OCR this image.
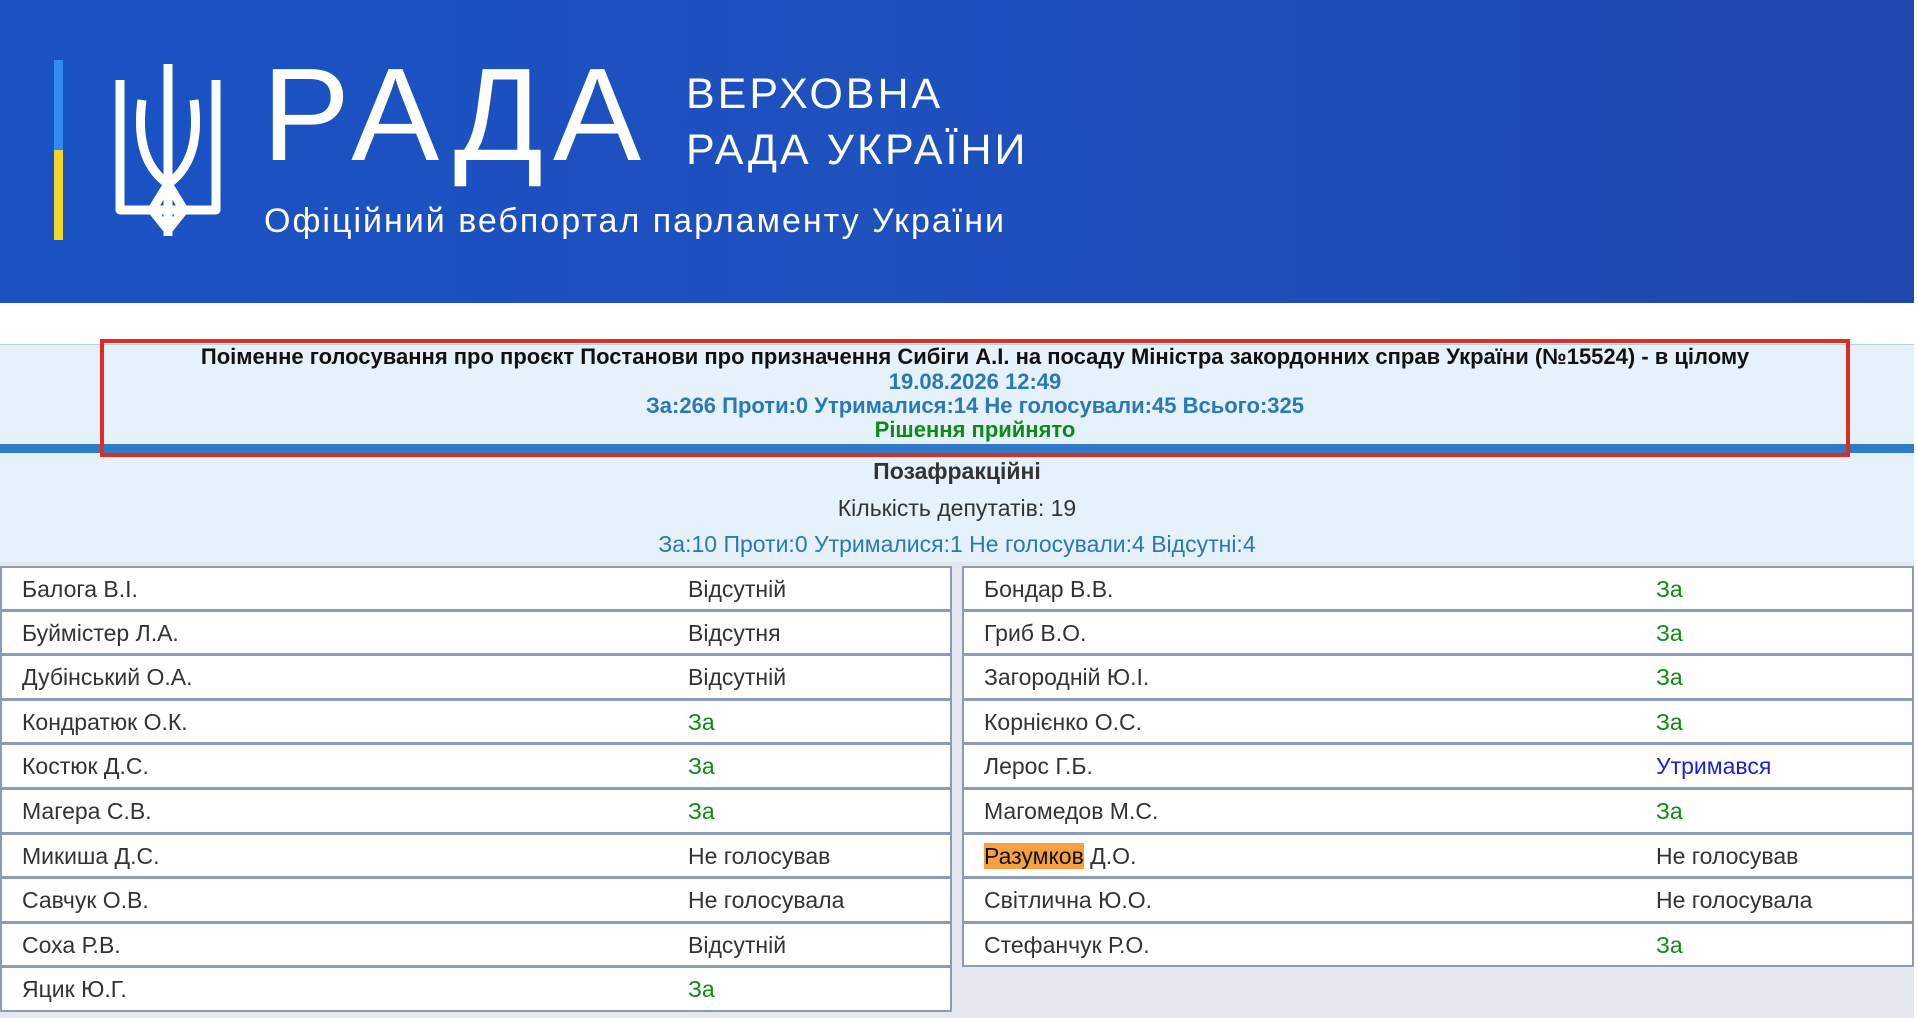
РАДА ВЕРХОВНА
РАДА УКРАЇНИ
Офіційний вебпортал парламенту України
Поіменне голосування про проєкт Постанови про призначення Сибіги А.І. на посаду Міністра закордонних справ України (№15524) - в цілому
19.08.2026 12:49
За:266 Проти:0 Утрималися:14 Не голосували:45 Всього:325
Рішення прийнято
Позафракційні
Кількість депутатів: 19
За:10 Проти:0 Утрималися:1 Не голосували:4 Відсутні:4
Балога В.І.	Відсутній
Буймістер Л.А.	Відсутня
Дубінський О.А.	Відсутній
Кондратюк О.К.	За
Костюк Д.С.	За
Магера С.В.	За
Микиша Д.С.	Не голосував
Савчук О.В.	Не голосувала
Соха Р.В.	Відсутній
Яцик Ю.Г.	За
Бондар В.В.	За
Гриб В.О.	За
Загородній Ю.І.	За
Корнієнко О.С.	За
Лерос Г.Б.	Утримався
Магомедов М.С.	За
Разумков Д.О.	Не голосував
Світлична Ю.О.	Не голосувала
Стефанчук Р.О.	За
